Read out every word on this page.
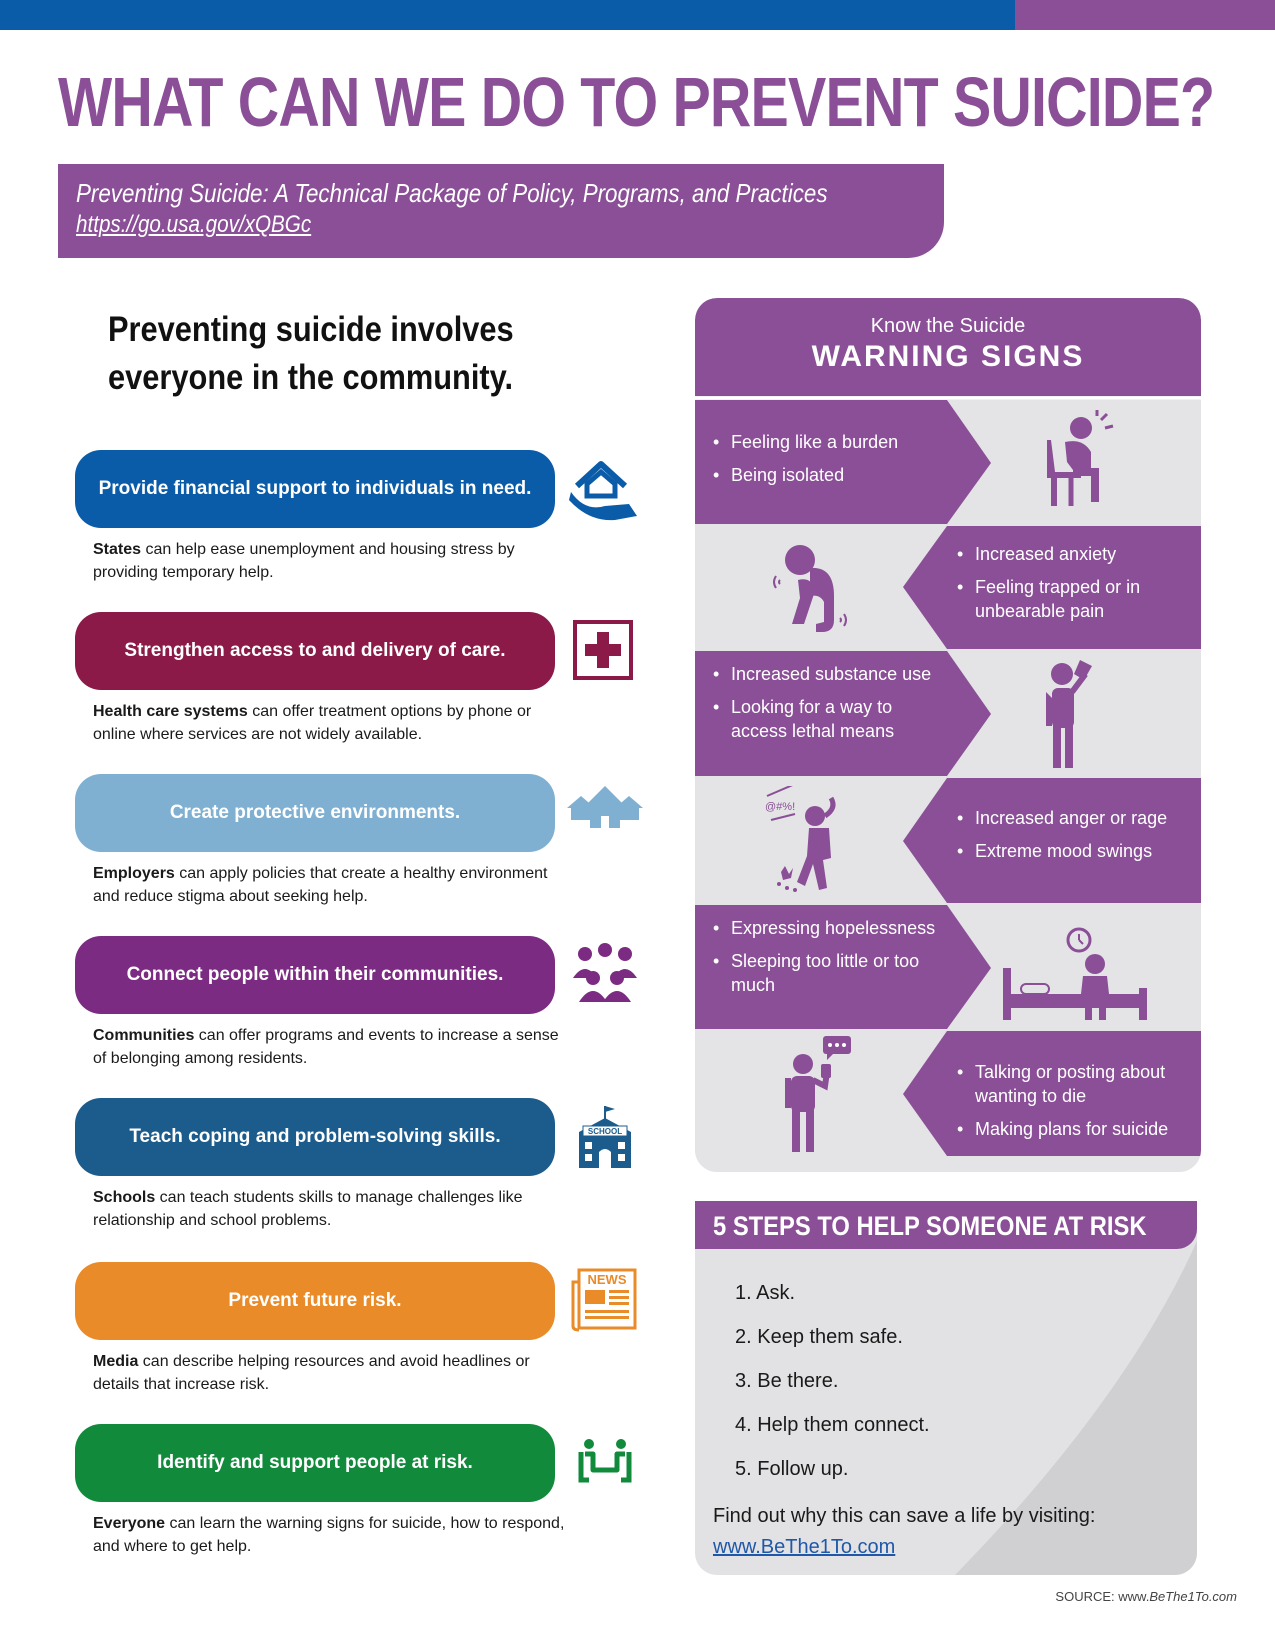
WHAT CAN WE DO TO PREVENT SUICIDE?
Preventing Suicide: A Technical Package of Policy, Programs, and Practices
https://go.usa.gov/xQBGc
Preventing suicide involves
everyone in the community.
Provide financial support to individuals in need.
States can help ease unemployment and housing stress by providing temporary help.
Strengthen access to and delivery of care.
Health care systems can offer treatment options by phone or online where services are not widely available.
Create protective environments.
Employers can apply policies that create a healthy environment and reduce stigma about seeking help.
Connect people within their communities.
Communities can offer programs and events to increase a sense of belonging among residents.
Teach coping and problem-solving skills.	SCHOOL
Schools can teach students skills to manage challenges like relationship and school problems.
Prevent future risk.
NEWS
Media can describe helping resources and avoid headlines or details that increase risk.
Identify and support people at risk.
Everyone can learn the warning signs for suicide, how to respond, and where to get help.
Know the Suicide
WARNING SIGNS
• Feeling like a burden
• Being isolated
• Increased anxiety
• Feeling trapped or in unbearable pain
• Increased substance use
• Looking for a way to access lethal means
@#%!
• Increased anger or rage
• Extreme mood swings
• Expressing hopelessness
• Sleeping too little or too much
• Talking or posting about wanting to die
• Making plans for suicide
5 STEPS TO HELP SOMEONE AT RISK
1. Ask.
2. Keep them safe.
3. Be there.
4. Help them connect.
5. Follow up.
Find out why this can save a life by visiting:
www.BeThe1To.com
SOURCE: www.BeThe1To.com
